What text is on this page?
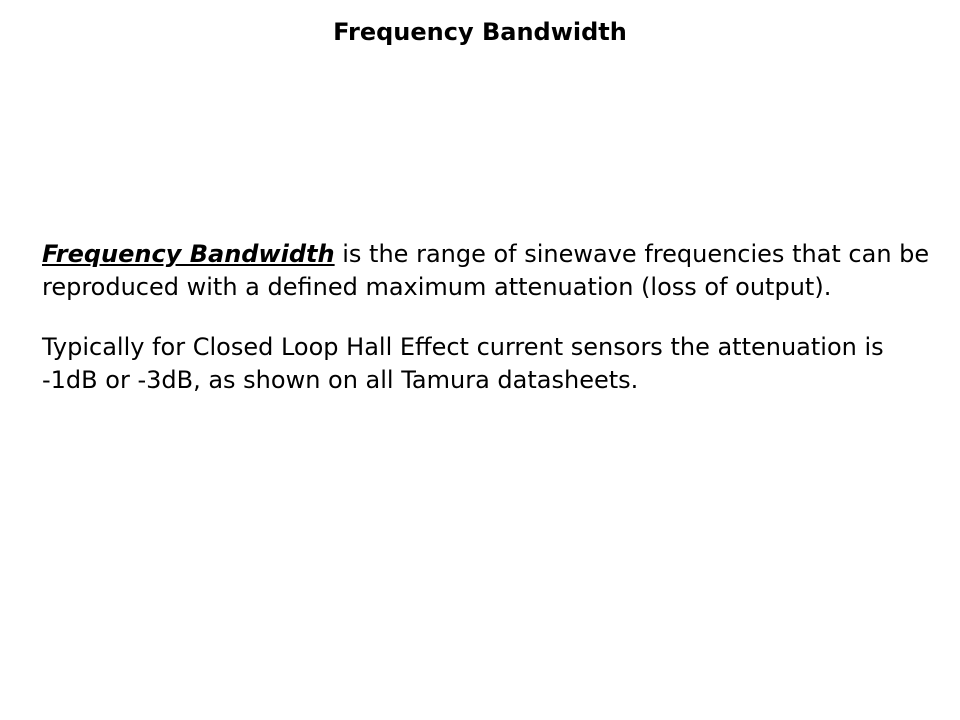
Frequency Bandwidth

Frequency Bandwidth is the range of sinewave frequencies that can be reproduced with a defined maximum attenuation (loss of output).

Typically for Closed Loop Hall Effect current sensors the attenuation is -1dB or -3dB, as shown on all Tamura datasheets.
